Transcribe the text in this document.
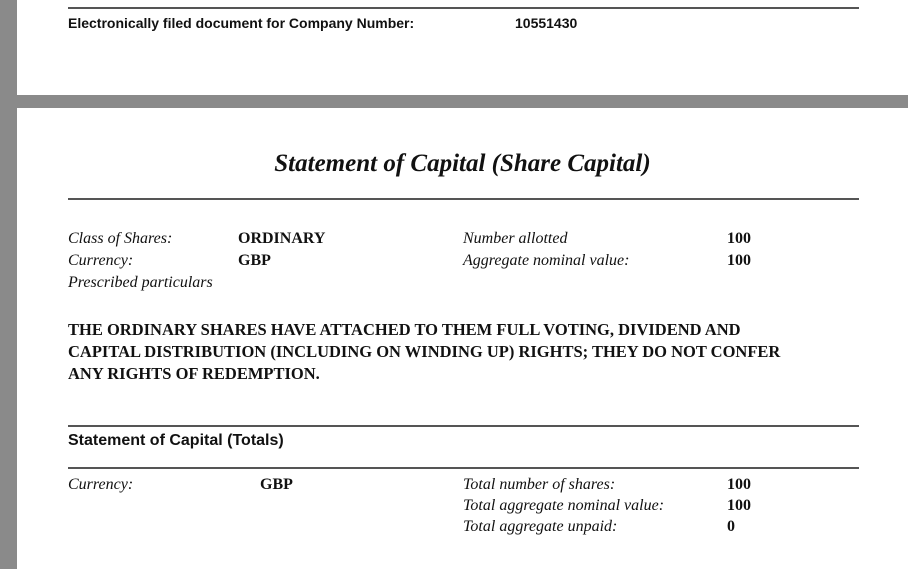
Electronically filed document for Company Number:	10551430
Statement of Capital (Share Capital)
Class of Shares:	ORDINARY	Number allotted	100
Currency:	GBP	Aggregate nominal value:	100
Prescribed particulars
THE ORDINARY SHARES HAVE ATTACHED TO THEM FULL VOTING, DIVIDEND AND
CAPITAL DISTRIBUTION (INCLUDING ON WINDING UP) RIGHTS; THEY DO NOT CONFER
ANY RIGHTS OF REDEMPTION.
Statement of Capital (Totals)
Currency:	GBP	Total number of shares:	100
Total aggregate nominal value:	100
Total aggregate unpaid:	0
